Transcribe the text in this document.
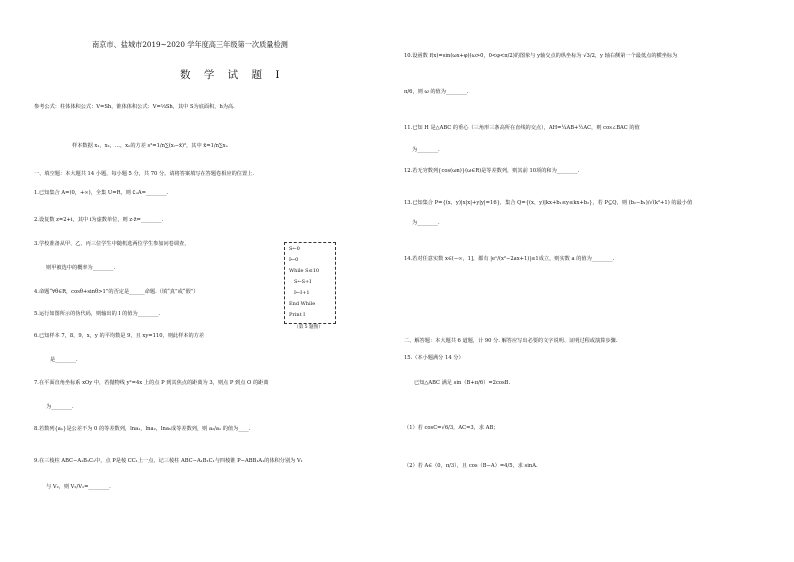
南京市、盐城市2019~2020 学年度高三年级第一次质量检测
数 学 试 题 Ⅰ
参考公式：柱体体积公式：V=Sh，锥体体积公式：V=⅓Sh，其中 S为底面积，h为高.
样本数据 x₁，x₂，…，xₙ的方差 s²=1/n∑(xᵢ−x̄)²，其中 x̄=1/n∑xᵢ.
一、填空题：本大题共 14 小题，每小题 5 分，共 70 分。请将答案填写在答题卷相应的位置上.
1.已知集合 A=(0，+∞)，全集 U=R，则 ∁ᵤA=________.
2.设复数 z=2+i，其中 i为虚数单位，则 z·z̄=________.
3.学校准备从甲、乙、丙三位学生中随机选两位学生参加问卷调查，
则甲被选中的概率为________.
4.命题“∀θ∈R，cosθ+sinθ>1”的否定是______命题.（填“真”或“假”）
5.运行如图所示的伪代码，则输出的 I 的值为________.
6.已知样本 7，8，9，x，y 的平均数是 9，且 xy=110，则此样本的方差
是________.
7.在平面直角坐标系 xOy 中，若抛物线 y²=4x 上的点 P 到其焦点的距离为 3，则点 P 到点 O 的距离
为________.
8.若数列{aₙ}是公差不为 0 的等差数列，lna₁，lna₂，lna₅成等差数列，则 a₂/a₁ 的值为____.
9.在三棱柱 ABC−A₁B₁C₁中，点 P是棱 CC₁上一点，记三棱柱 ABC−A₁B₁C₁与四棱锥 P−ABB₁A₁的体积分别为 V₁
与 V₂，则 V₂/V₁=________.
S←0
I←0
While S≤10
S←S+I
I←I+1
End While
Print I
（第 5 题图）
10.设函数 f(x)=sin(ωx+φ)(ω>0，0<φ<π/2)的图象与 y轴交点的纵坐标为 √3/2，y 轴右侧第一个最低点的横坐标为
π/6，则 ω 的值为________.
11.已知 H 是△ABC 的垂心（三角形三条高所在直线的交点），AH=¼AB+½AC，则 cos∠BAC 的值
为________.
12.若无穷数列{cos(ωn)}(ω∈R)是等差数列，则其前 10项的和为________.
13.已知集合 P={(x，y)|x|x|+y|y|=16}，集合 Q={(x，y)|kx+b₁≤y≤kx+b₂}，若 P⊆Q，则 (b₂−b₁)/√(k²+1) 的最小值
为________.
14.若对任意实数 x∈(−∞，1]，都有 |eˣ/(x²−2ax+1)|≤1成立，则实数 a 的值为________.
二、解答题：本大题共 6 道题，计 90 分. 解答应写出必要的文字说明、证明过程或演算步骤.
15.（本小题满分 14 分）
已知△ABC 满足 sin（B+π/6）=2cosB.
（1）若 cosC=√6/3，AC=3，求 AB；
（2）若 A∈（0，π/3），且 cos（B−A）=4/5，求 sinA.
